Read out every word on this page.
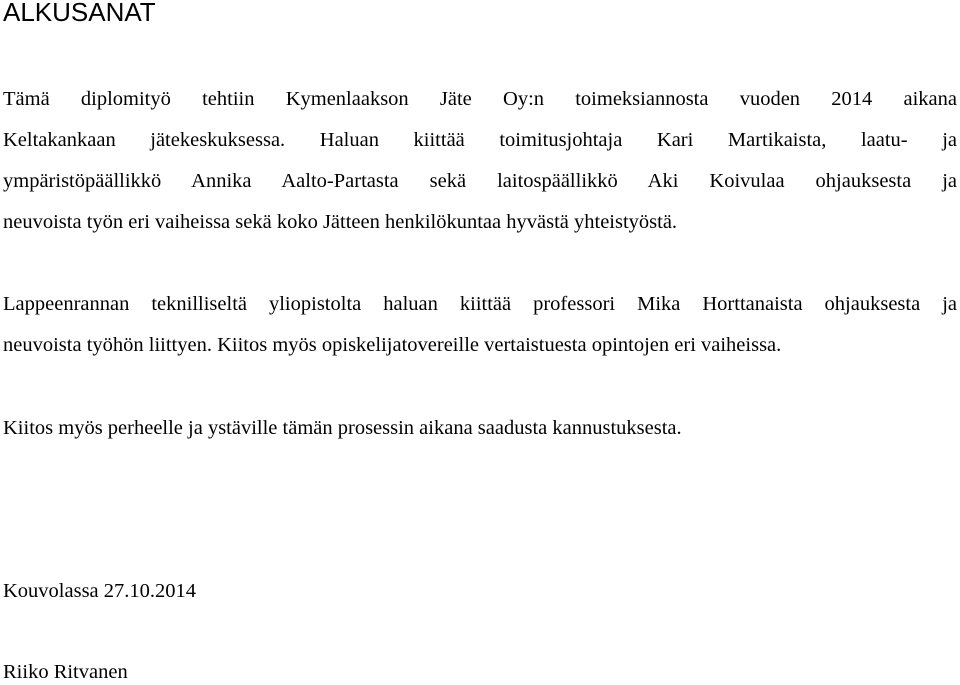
ALKUSANAT

Tämä diplomityö tehtiin Kymenlaakson Jäte Oy:n toimeksiannosta vuoden 2014 aikana

Keltakankaan jätekeskuksessa. Haluan kiittää toimitusjohtaja Kari Martikaista, laatu- ja

ympäristöpäällikkö Annika Aalto-Partasta sekä laitospäällikkö Aki Koivulaa ohjauksesta ja

neuvoista työn eri vaiheissa sekä koko Jätteen henkilökuntaa hyvästä yhteistyöstä.

Lappeenrannan teknilliseltä yliopistolta haluan kiittää professori Mika Horttanaista ohjauksesta ja

neuvoista työhön liittyen. Kiitos myös opiskelijatovereille vertaistuesta opintojen eri vaiheissa.

Kiitos myös perheelle ja ystäville tämän prosessin aikana saadusta kannustuksesta.

Kouvolassa 27.10.2014

Riiko Ritvanen
